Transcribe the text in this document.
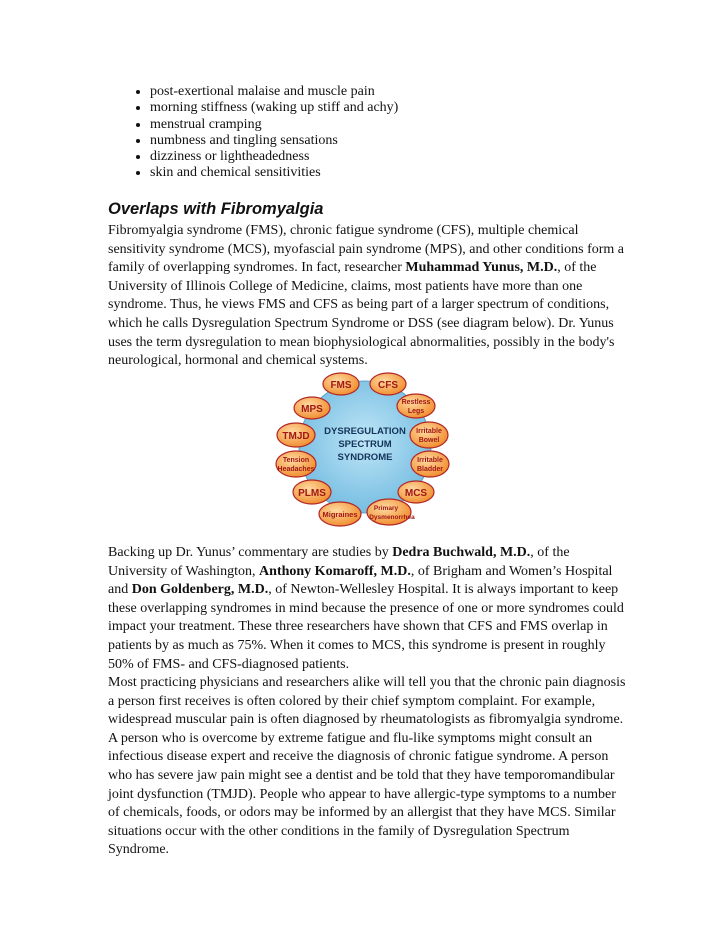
• post-exertional malaise and muscle pain
• morning stiffness (waking up stiff and achy)
• menstrual cramping
• numbness and tingling sensations
• dizziness or lightheadedness
• skin and chemical sensitivities
Overlaps with Fibromyalgia

Fibromyalgia syndrome (FMS), chronic fatigue syndrome (CFS), multiple chemical sensitivity syndrome (MCS), myofascial pain syndrome (MPS), and other conditions form a family of overlapping syndromes. In fact, researcher Muhammad Yunus, M.D., of the University of Illinois College of Medicine, claims, most patients have more than one syndrome. Thus, he views FMS and CFS as being part of a larger spectrum of conditions, which he calls Dysregulation Spectrum Syndrome or DSS (see diagram below). Dr. Yunus uses the term dysregulation to mean biophysiological abnormalities, possibly in the body's neurological, hormonal and chemical systems.

DYSREGULATION
SPECTRUM
SYNDROME
FMS	CFS
Restless
Legs
MPS
Irritable
Bowel
TMJD
Tension
Headaches
Irritable
Bladder
PLMS	MCS
Migraines
Primary
Dysmenorrhea

Backing up Dr. Yunus’ commentary are studies by Dedra Buchwald, M.D., of the University of Washington, Anthony Komaroff, M.D., of Brigham and Women’s Hospital and Don Goldenberg, M.D., of Newton-Wellesley Hospital. It is always important to keep these overlapping syndromes in mind because the presence of one or more syndromes could impact your treatment. These three researchers have shown that CFS and FMS overlap in patients by as much as 75%. When it comes to MCS, this syndrome is present in roughly 50% of FMS- and CFS-diagnosed patients.

Most practicing physicians and researchers alike will tell you that the chronic pain diagnosis a person first receives is often colored by their chief symptom complaint. For example, widespread muscular pain is often diagnosed by rheumatologists as fibromyalgia syndrome. A person who is overcome by extreme fatigue and flu-like symptoms might consult an infectious disease expert and receive the diagnosis of chronic fatigue syndrome. A person who has severe jaw pain might see a dentist and be told that they have temporomandibular joint dysfunction (TMJD). People who appear to have allergic-type symptoms to a number of chemicals, foods, or odors may be informed by an allergist that they have MCS. Similar situations occur with the other conditions in the family of Dysregulation Spectrum Syndrome.
